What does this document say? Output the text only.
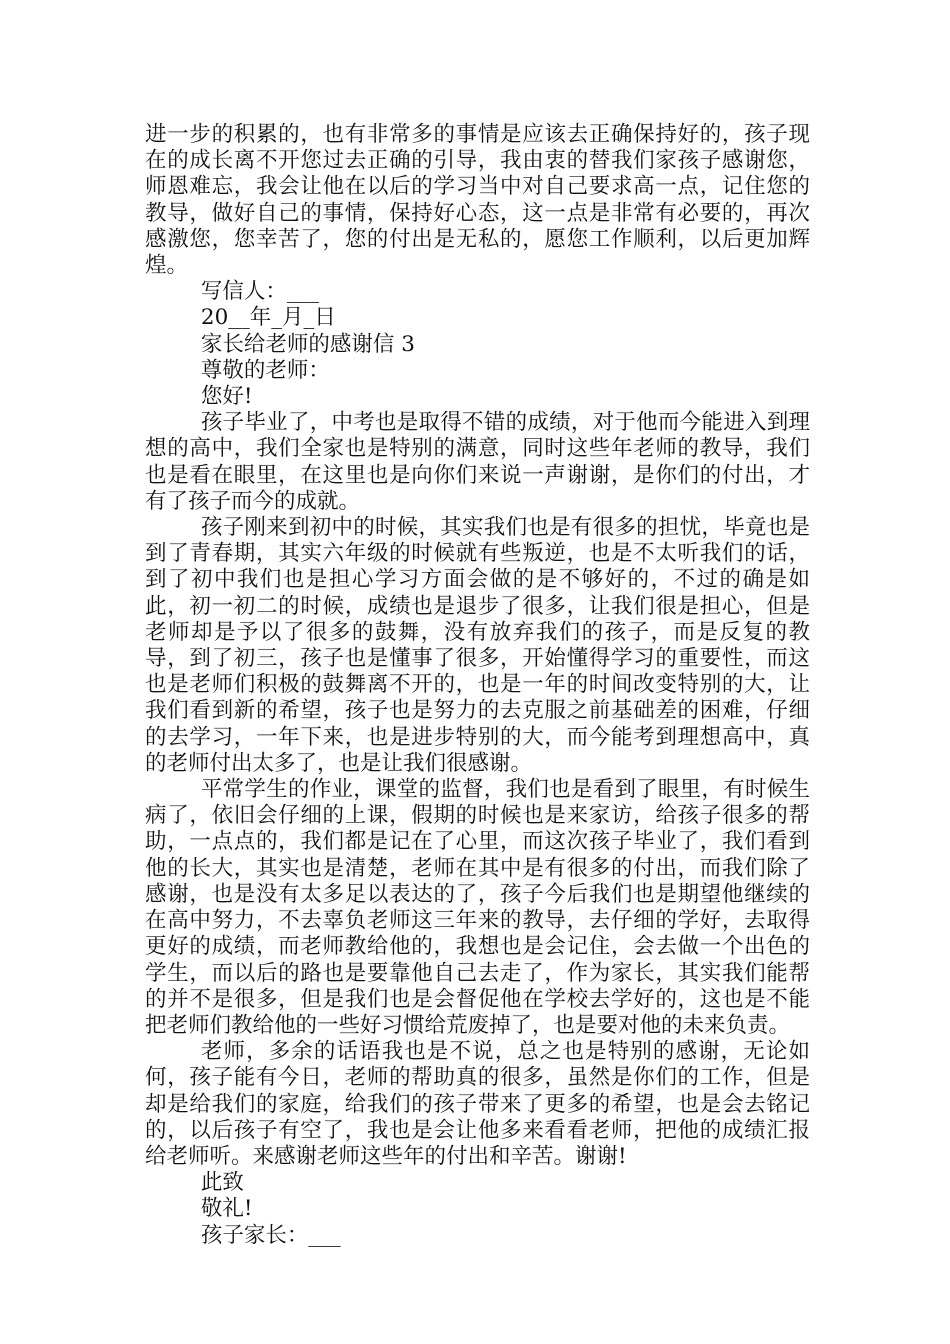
进一步的积累的，也有非常多的事情是应该去正确保持好的，孩子现在的成长离不开您过去正确的引导，我由衷的替我们家孩子感谢您，师恩难忘，我会让他在以后的学习当中对自己要求高一点，记住您的教导，做好自己的事情，保持好心态，这一点是非常有必要的，再次感激您，您幸苦了，您的付出是无私的，愿您工作顺利，以后更加辉煌。

写信人：___

20__年_月_日

家长给老师的感谢信 3

尊敬的老师：

您好!

孩子毕业了，中考也是取得不错的成绩，对于他而今能进入到理想的高中，我们全家也是特别的满意，同时这些年老师的教导，我们也是看在眼里，在这里也是向你们来说一声谢谢，是你们的付出，才有了孩子而今的成就。

孩子刚来到初中的时候，其实我们也是有很多的担忧，毕竟也是到了青春期，其实六年级的时候就有些叛逆，也是不太听我们的话，到了初中我们也是担心学习方面会做的是不够好的，不过的确是如此，初一初二的时候，成绩也是退步了很多，让我们很是担心，但是老师却是予以了很多的鼓舞，没有放弃我们的孩子，而是反复的教导，到了初三，孩子也是懂事了很多，开始懂得学习的重要性，而这也是老师们积极的鼓舞离不开的，也是一年的时间改变特别的大，让我们看到新的希望，孩子也是努力的去克服之前基础差的困难，仔细的去学习，一年下来，也是进步特别的大，而今能考到理想高中，真的老师付出太多了，也是让我们很感谢。

平常学生的作业，课堂的监督，我们也是看到了眼里，有时候生病了，依旧会仔细的上课，假期的时候也是来家访，给孩子很多的帮助，一点点的，我们都是记在了心里，而这次孩子毕业了，我们看到他的长大，其实也是清楚，老师在其中是有很多的付出，而我们除了感谢，也是没有太多足以表达的了，孩子今后我们也是期望他继续的在高中努力，不去辜负老师这三年来的教导，去仔细的学好，去取得更好的成绩，而老师教给他的，我想也是会记住，会去做一个出色的学生，而以后的路也是要靠他自己去走了，作为家长，其实我们能帮的并不是很多，但是我们也是会督促他在学校去学好的，这也是不能把老师们教给他的一些好习惯给荒废掉了，也是要对他的未来负责。

老师，多余的话语我也是不说，总之也是特别的感谢，无论如何，孩子能有今日，老师的帮助真的很多，虽然是你们的工作，但是却是给我们的家庭，给我们的孩子带来了更多的希望，也是会去铭记的，以后孩子有空了，我也是会让他多来看看老师，把他的成绩汇报给老师听。来感谢老师这些年的付出和辛苦。谢谢!

此致

敬礼!

孩子家长：___
